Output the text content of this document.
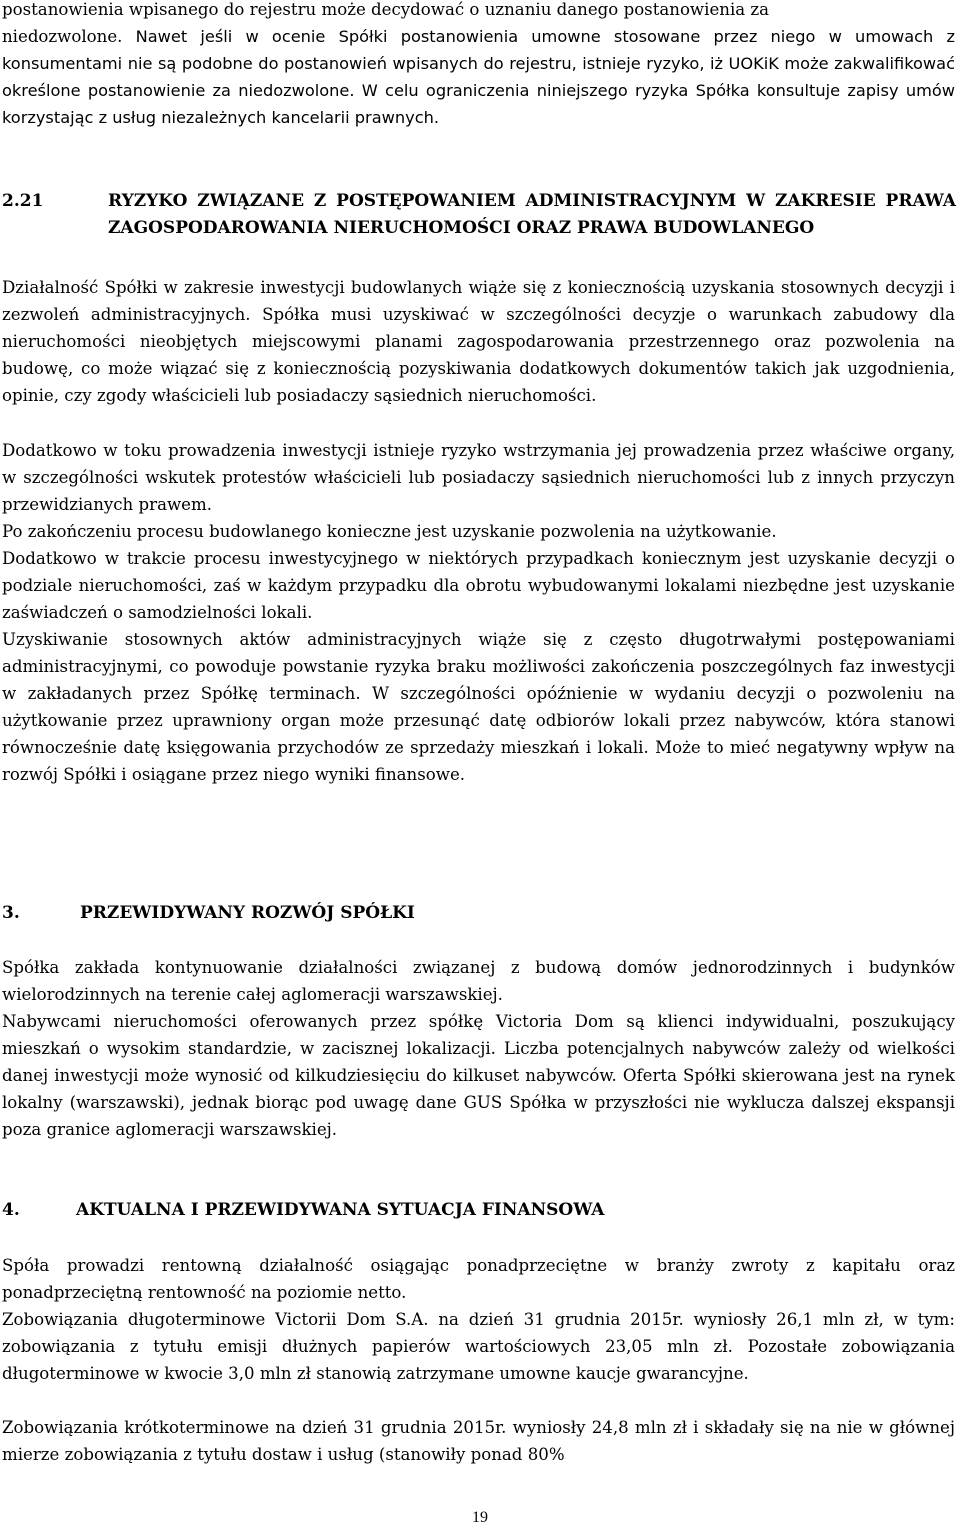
postanowienia wpisanego do rejestru może decydować o uznaniu danego postanowienia za

niedozwolone. Nawet jeśli w ocenie Spółki postanowienia umowne stosowane przez niego w umowach z konsumentami nie są podobne do postanowień wpisanych do rejestru, istnieje ryzyko, iż UOKiK może zakwalifikować określone postanowienie za niedozwolone. W celu ograniczenia niniejszego ryzyka Spółka konsultuje zapisy umów korzystając z usług niezależnych kancelarii prawnych.

2.21	RYZYKO ZWIĄZANE Z POSTĘPOWANIEM ADMINISTRACYJNYM W ZAKRESIE PRAWA ZAGOSPODAROWANIA NIERUCHOMOŚCI ORAZ PRAWA BUDOWLANEGO

Działalność Spółki w zakresie inwestycji budowlanych wiąże się z koniecznością uzyskania stosownych decyzji i zezwoleń administracyjnych. Spółka musi uzyskiwać w szczególności decyzje o warunkach zabudowy dla nieruchomości nieobjętych miejscowymi planami zagospodarowania przestrzennego oraz pozwolenia na budowę, co może wiązać się z koniecznością pozyskiwania dodatkowych dokumentów takich jak uzgodnienia, opinie, czy zgody właścicieli lub posiadaczy sąsiednich nieruchomości.

Dodatkowo w toku prowadzenia inwestycji istnieje ryzyko wstrzymania jej prowadzenia przez właściwe organy, w szczególności wskutek protestów właścicieli lub posiadaczy sąsiednich nieruchomości lub z innych przyczyn przewidzianych prawem.

Po zakończeniu procesu budowlanego konieczne jest uzyskanie pozwolenia na użytkowanie.

Dodatkowo w trakcie procesu inwestycyjnego w niektórych przypadkach koniecznym jest uzyskanie decyzji o podziale nieruchomości, zaś w każdym przypadku dla obrotu wybudowanymi lokalami niezbędne jest uzyskanie zaświadczeń o samodzielności lokali.

Uzyskiwanie stosownych aktów administracyjnych wiąże się z często długotrwałymi postępowaniami administracyjnymi, co powoduje powstanie ryzyka braku możliwości zakończenia poszczególnych faz inwestycji w zakładanych przez Spółkę terminach. W szczególności opóźnienie w wydaniu decyzji o pozwoleniu na użytkowanie przez uprawniony organ może przesunąć datę odbiorów lokali przez nabywców, która stanowi równocześnie datę księgowania przychodów ze sprzedaży mieszkań i lokali. Może to mieć negatywny wpływ na rozwój Spółki i osiągane przez niego wyniki finansowe.

3.	PRZEWIDYWANY ROZWÓJ SPÓŁKI

Spółka zakłada kontynuowanie działalności związanej z budową domów jednorodzinnych i budynków wielorodzinnych na terenie całej aglomeracji warszawskiej.

Nabywcami nieruchomości oferowanych przez spółkę Victoria Dom są klienci indywidualni, poszukujący mieszkań o wysokim standardzie, w zacisznej lokalizacji. Liczba potencjalnych nabywców zależy od wielkości danej inwestycji może wynosić od kilkudziesięciu do kilkuset nabywców. Oferta Spółki skierowana jest na rynek lokalny (warszawski), jednak biorąc pod uwagę dane GUS Spółka w przyszłości nie wyklucza dalszej ekspansji poza granice aglomeracji warszawskiej.

4.	AKTUALNA I PRZEWIDYWANA SYTUACJA FINANSOWA

Spóła prowadzi rentowną działalność osiągając ponadprzeciętne w branży zwroty z kapitału oraz ponadprzeciętną rentowność na poziomie netto.

Zobowiązania długoterminowe Victorii Dom S.A. na dzień 31 grudnia 2015r. wyniosły 26,1 mln zł, w tym: zobowiązania z tytułu emisji dłużnych papierów wartościowych 23,05 mln zł. Pozostałe zobowiązania długoterminowe w kwocie 3,0 mln zł stanowią zatrzymane umowne kaucje gwarancyjne.

Zobowiązania krótkoterminowe na dzień 31 grudnia 2015r. wyniosły 24,8 mln zł i składały się na nie w głównej mierze zobowiązania z tytułu dostaw i usług (stanowiły ponad 80%

19
